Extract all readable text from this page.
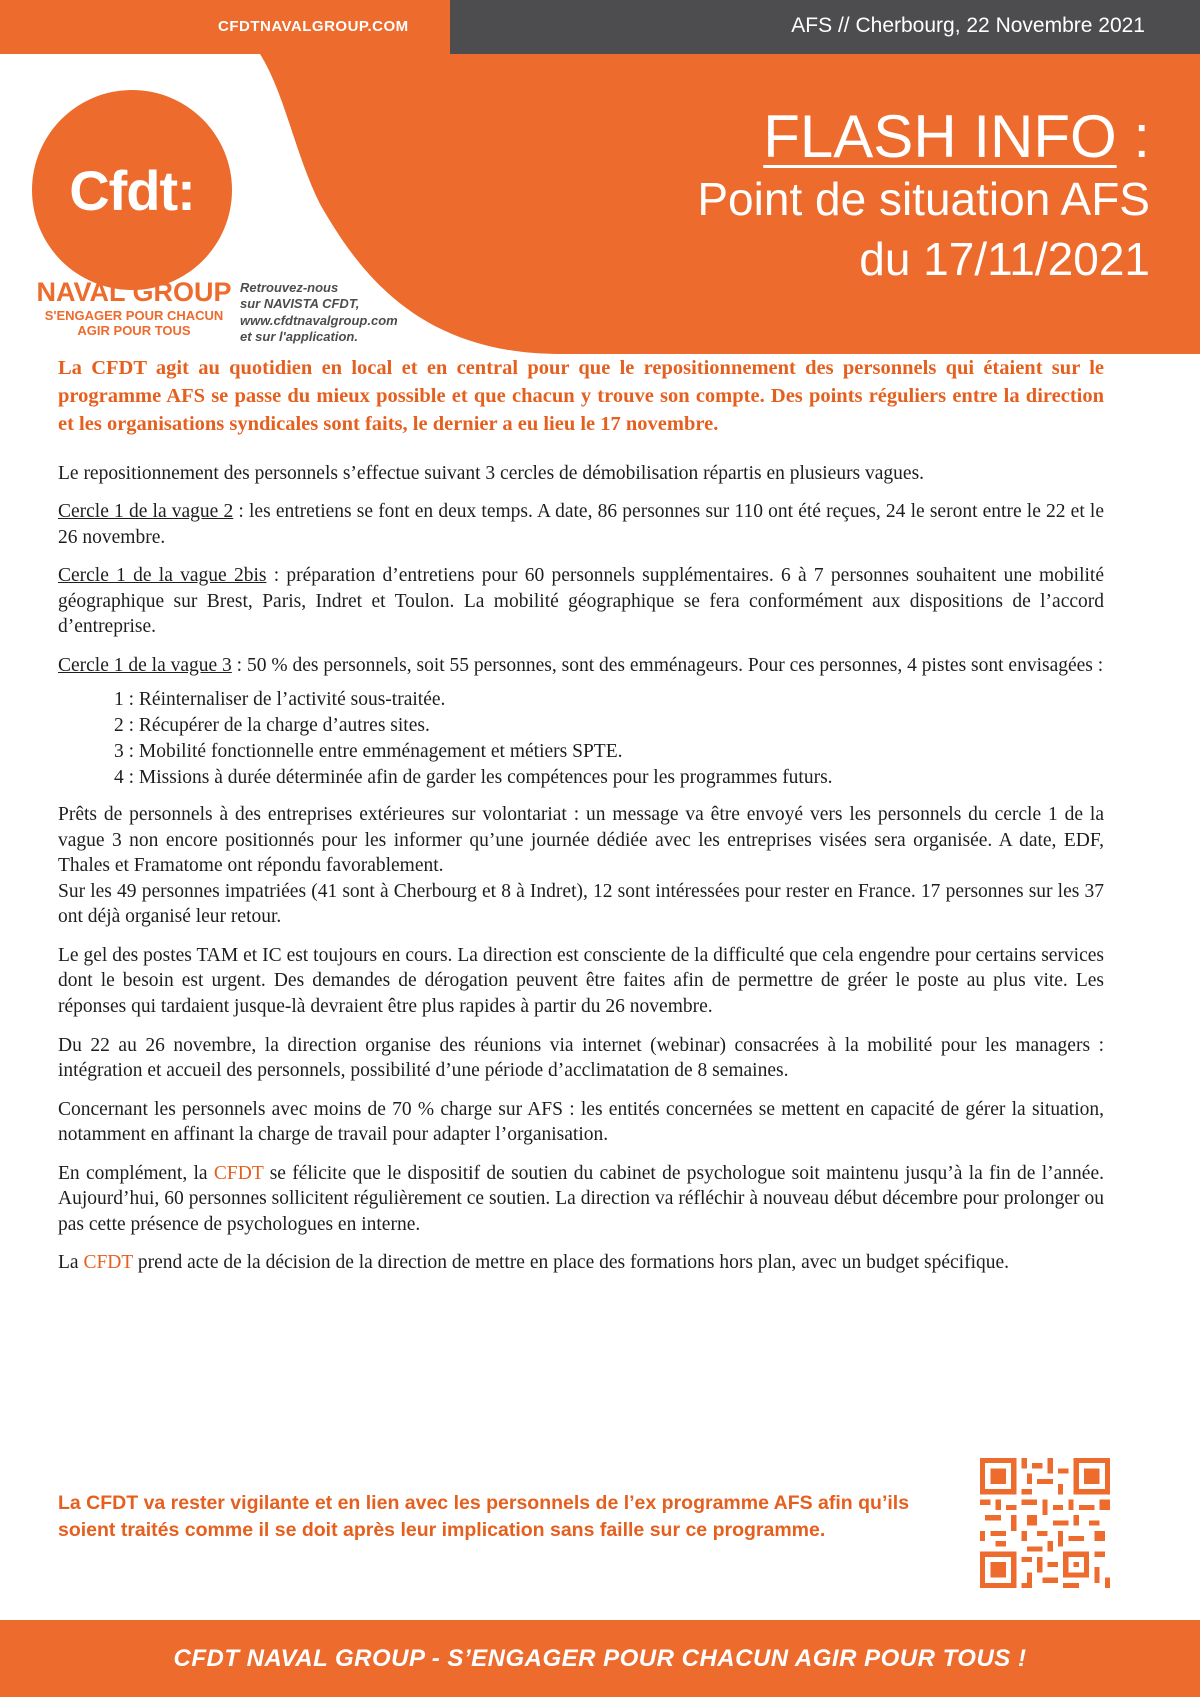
CFDTNAVALGROUP.COM	AFS // Cherbourg, 22 Novembre 2021
Cfdt:
NAVAL GROUP
S'ENGAGER POUR CHACUN
AGIR POUR TOUS
Retrouvez-nous
sur NAVISTA CFDT,
www.cfdtnavalgroup.com
et sur l'application.
FLASH INFO :
Point de situation AFS
du 17/11/2021

La CFDT agit au quotidien en local et en central pour que le repositionnement des personnels qui étaient sur le programme AFS se passe du mieux possible et que chacun y trouve son compte. Des points réguliers entre la direction et les organisations syndicales sont faits, le dernier a eu lieu le 17 novembre.

Le repositionnement des personnels s’effectue suivant 3 cercles de démobilisation répartis en plusieurs vagues.

Cercle 1 de la vague 2 : les entretiens se font en deux temps. A date, 86 personnes sur 110 ont été reçues, 24 le seront entre le 22 et le 26 novembre.

Cercle 1 de la vague 2bis : préparation d’entretiens pour 60 personnels supplémentaires. 6 à 7 personnes souhaitent une mobilité géographique sur Brest, Paris, Indret et Toulon. La mobilité géographique se fera conformément aux dispositions de l’accord d’entreprise.

Cercle 1 de la vague 3 : 50 % des personnels, soit 55 personnes, sont des emménageurs. Pour ces personnes, 4 pistes sont envisagées :

1 : Réinternaliser de l’activité sous-traitée.
2 : Récupérer de la charge d’autres sites.
3 : Mobilité fonctionnelle entre emménagement et métiers SPTE.
4 : Missions à durée déterminée afin de garder les compétences pour les programmes futurs.

Prêts de personnels à des entreprises extérieures sur volontariat : un message va être envoyé vers les personnels du cercle 1 de la vague 3 non encore positionnés pour les informer qu’une journée dédiée avec les entreprises visées sera organisée. A date, EDF, Thales et Framatome ont répondu favorablement.

Sur les 49 personnes impatriées (41 sont à Cherbourg et 8 à Indret), 12 sont intéressées pour rester en France. 17 personnes sur les 37 ont déjà organisé leur retour.

Le gel des postes TAM et IC est toujours en cours. La direction est consciente de la difficulté que cela engendre pour certains services dont le besoin est urgent. Des demandes de dérogation peuvent être faites afin de permettre de gréer le poste au plus vite. Les réponses qui tardaient jusque-là devraient être plus rapides à partir du 26 novembre.

Du 22 au 26 novembre, la direction organise des réunions via internet (webinar) consacrées à la mobilité pour les managers : intégration et accueil des personnels, possibilité d’une période d’acclimatation de 8 semaines.

Concernant les personnels avec moins de 70 % charge sur AFS : les entités concernées se mettent en capacité de gérer la situation, notamment en affinant la charge de travail pour adapter l’organisation.

En complément, la CFDT se félicite que le dispositif de soutien du cabinet de psychologue soit maintenu jusqu’à la fin de l’année. Aujourd’hui, 60 personnes sollicitent régulièrement ce soutien. La direction va réfléchir à nouveau début décembre pour prolonger ou pas cette présence de psychologues en interne.

La CFDT prend acte de la décision de la direction de mettre en place des formations hors plan, avec un budget spécifique.

La CFDT va rester vigilante et en lien avec les personnels de l’ex programme AFS afin qu’ils soient traités comme il se doit après leur implication sans faille sur ce programme.
CFDT NAVAL GROUP - S’ENGAGER POUR CHACUN AGIR POUR TOUS !
